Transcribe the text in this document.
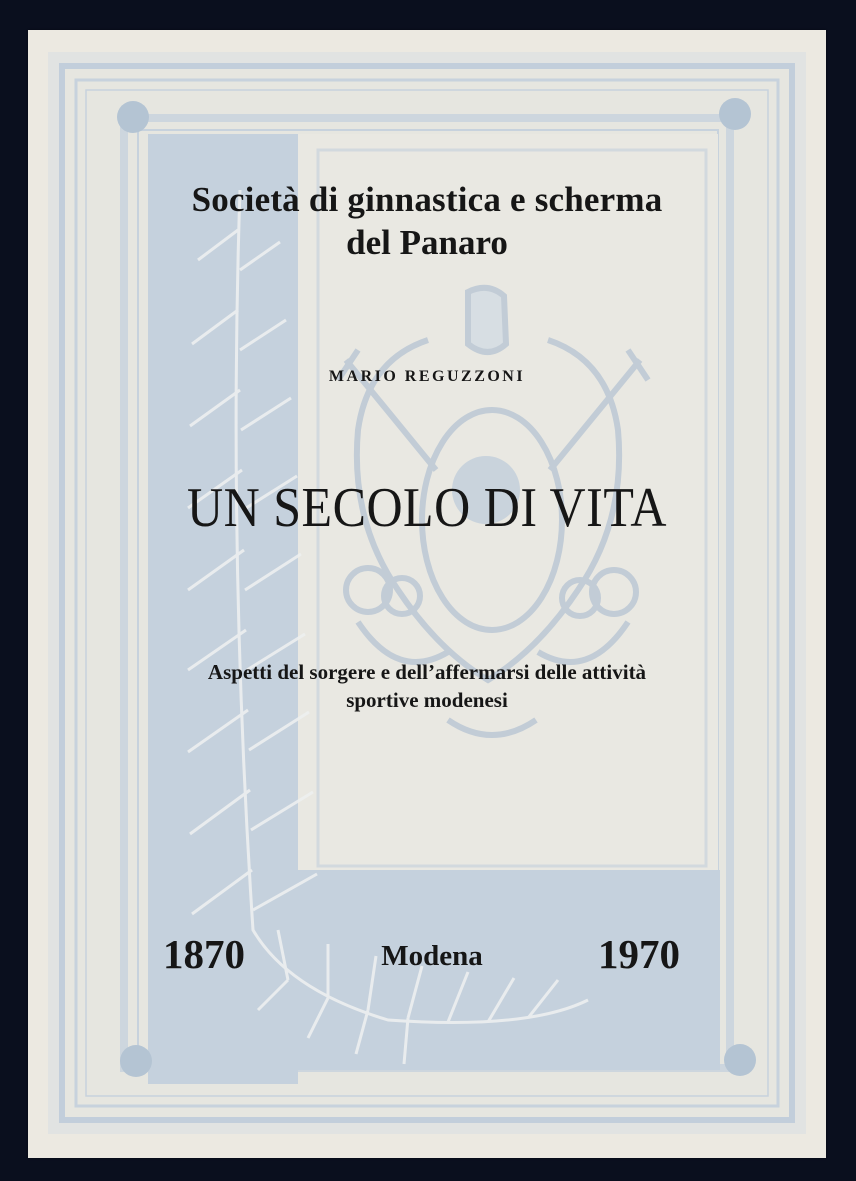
Società di ginnastica e scherma

del Panaro

MARIO REGUZZONI

UN SECOLO DI VITA

Aspetti del sorgere e dell’affermarsi delle attività

sportive modenesi

1870	Modena	1970
